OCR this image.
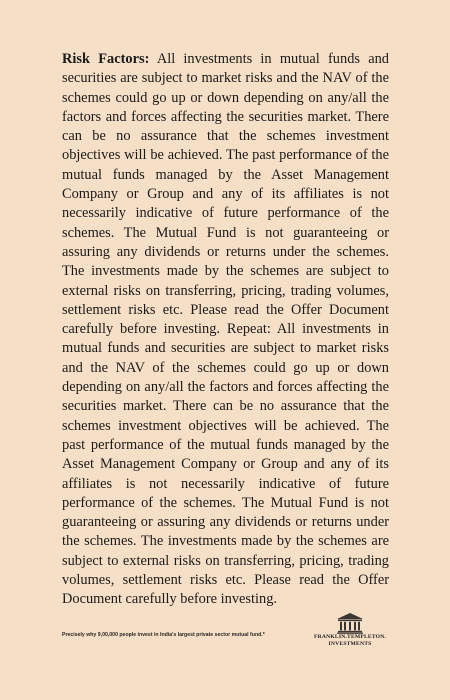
Risk Factors: All investments in mutual funds and securities are subject to market risks and the NAV of the schemes could go up or down depending on any/all the factors and forces affecting the securities market. There can be no assurance that the schemes investment objectives will be achieved. The past performance of the mutual funds managed by the Asset Management Company or Group and any of its affiliates is not necessarily indicative of future performance of the schemes. The Mutual Fund is not guaranteeing or assuring any dividends or returns under the schemes. The investments made by the schemes are subject to external risks on transferring, pricing, trading volumes, settlement risks etc. Please read the Offer Document carefully before investing. Repeat: All investments in mutual funds and securities are subject to market risks and the NAV of the schemes could go up or down depending on any/all the factors and forces affecting the securities market. There can be no assurance that the schemes investment objectives will be achieved. The past performance of the mutual funds managed by the Asset Management Company or Group and any of its affiliates is not necessarily indicative of future performance of the schemes. The Mutual Fund is not guaranteeing or assuring any dividends or returns under the schemes. The investments made by the schemes are subject to external risks on transferring, pricing, trading volumes, settlement risks etc. Please read the Offer Document carefully before investing.

Precisely why 9,00,000 people invest in India's largest private sector mutual fund.*	FRANKLIN.TEMPLETON.
INVESTMENTS
